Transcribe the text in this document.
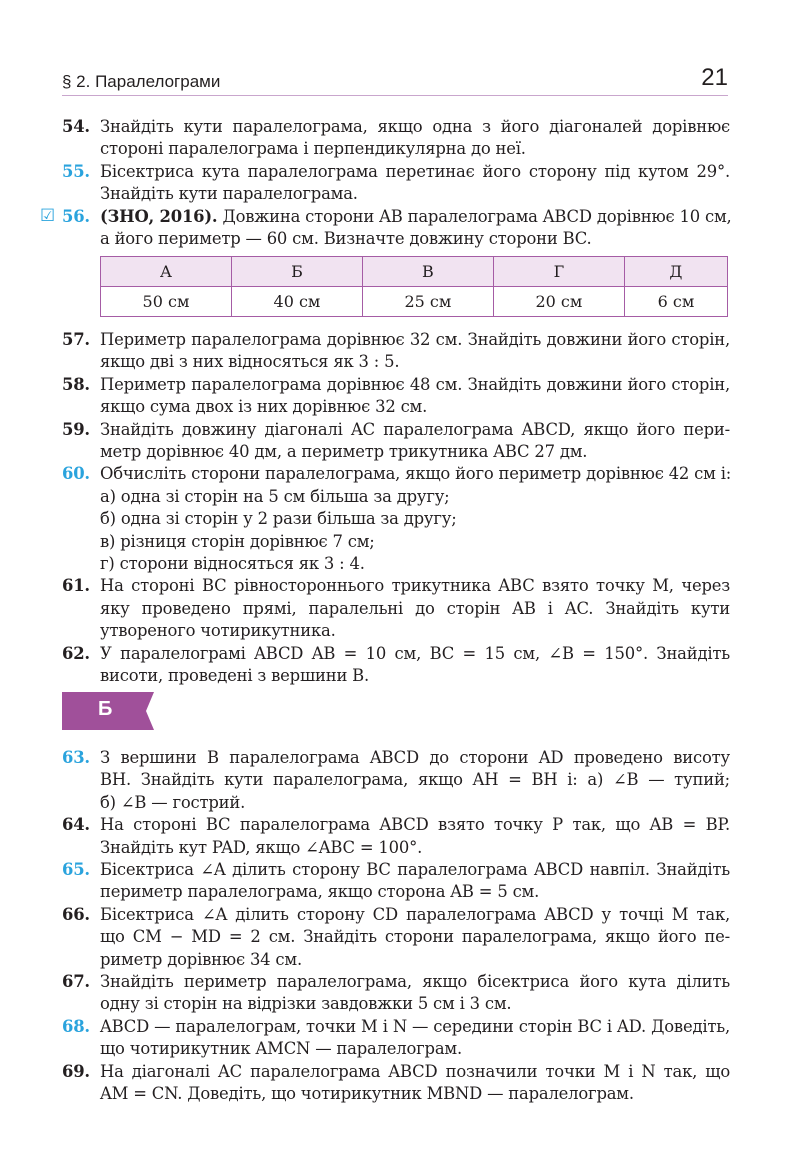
§ 2. Паралелограми	21
54. Знайдіть кути паралелограма, якщо одна з його діагоналей дорівнює
стороні паралелограма і перпендикулярна до неї.
55. Бісектриса кута паралелограма перетинає його сторону під кутом 29°.
Знайдіть кути паралелограма.
☑ 56. (ЗНО, 2016). Довжина сторони AB паралелограма ABCD дорівнює 10 см,
а його периметр — 60 см. Визначте довжину сторони BC.
А	Б	В	Г	Д
50 см	40 см	25 см	20 см	6 см
57. Периметр паралелограма дорівнює 32 см. Знайдіть довжини його сторін,
якщо дві з них відносяться як 3 : 5.
58. Периметр паралелограма дорівнює 48 см. Знайдіть довжини його сторін,
якщо сума двох із них дорівнює 32 см.
59. Знайдіть довжину діагоналі AC паралелограма ABCD, якщо його пери-
метр дорівнює 40 дм, а периметр трикутника ABC 27 дм.
60. Обчисліть сторони паралелограма, якщо його периметр дорівнює 42 см і:
а) одна зі сторін на 5 см більша за другу;
б) одна зі сторін у 2 рази більша за другу;
в) різниця сторін дорівнює 7 см;
г) сторони відносяться як 3 : 4.
61. На стороні BC рівностороннього трикутника ABC взято точку M, через
яку проведено прямі, паралельні до сторін AB і AC. Знайдіть кути
утвореного чотирикутника.
62. У паралелограмі ABCD AB = 10 см, BC = 15 см, ∠B = 150°. Знайдіть
висоти, проведені з вершини B.
Б
63. З вершини B паралелограма ABCD до сторони AD проведено висоту
BH. Знайдіть кути паралелограма, якщо AH = BH і: а) ∠B — тупий;
б) ∠B — гострий.
64. На стороні BC паралелограма ABCD взято точку P так, що AB = BP.
Знайдіть кут PAD, якщо ∠ABC = 100°.
65. Бісектриса ∠A ділить сторону BC паралелограма ABCD навпіл. Знайдіть
периметр паралелограма, якщо сторона AB = 5 см.
66. Бісектриса ∠A ділить сторону CD паралелограма ABCD у точці M так,
що CM − MD = 2 см. Знайдіть сторони паралелограма, якщо його пе-
риметр дорівнює 34 см.
67. Знайдіть периметр паралелограма, якщо бісектриса його кута ділить
одну зі сторін на відрізки завдовжки 5 см і 3 см.
68. ABCD — паралелограм, точки M і N — середини сторін BC і AD. Доведіть,
що чотирикутник AMCN — паралелограм.
69. На діагоналі AC паралелограма ABCD позначили точки M і N так, що
AM = CN. Доведіть, що чотирикутник MBND — паралелограм.
